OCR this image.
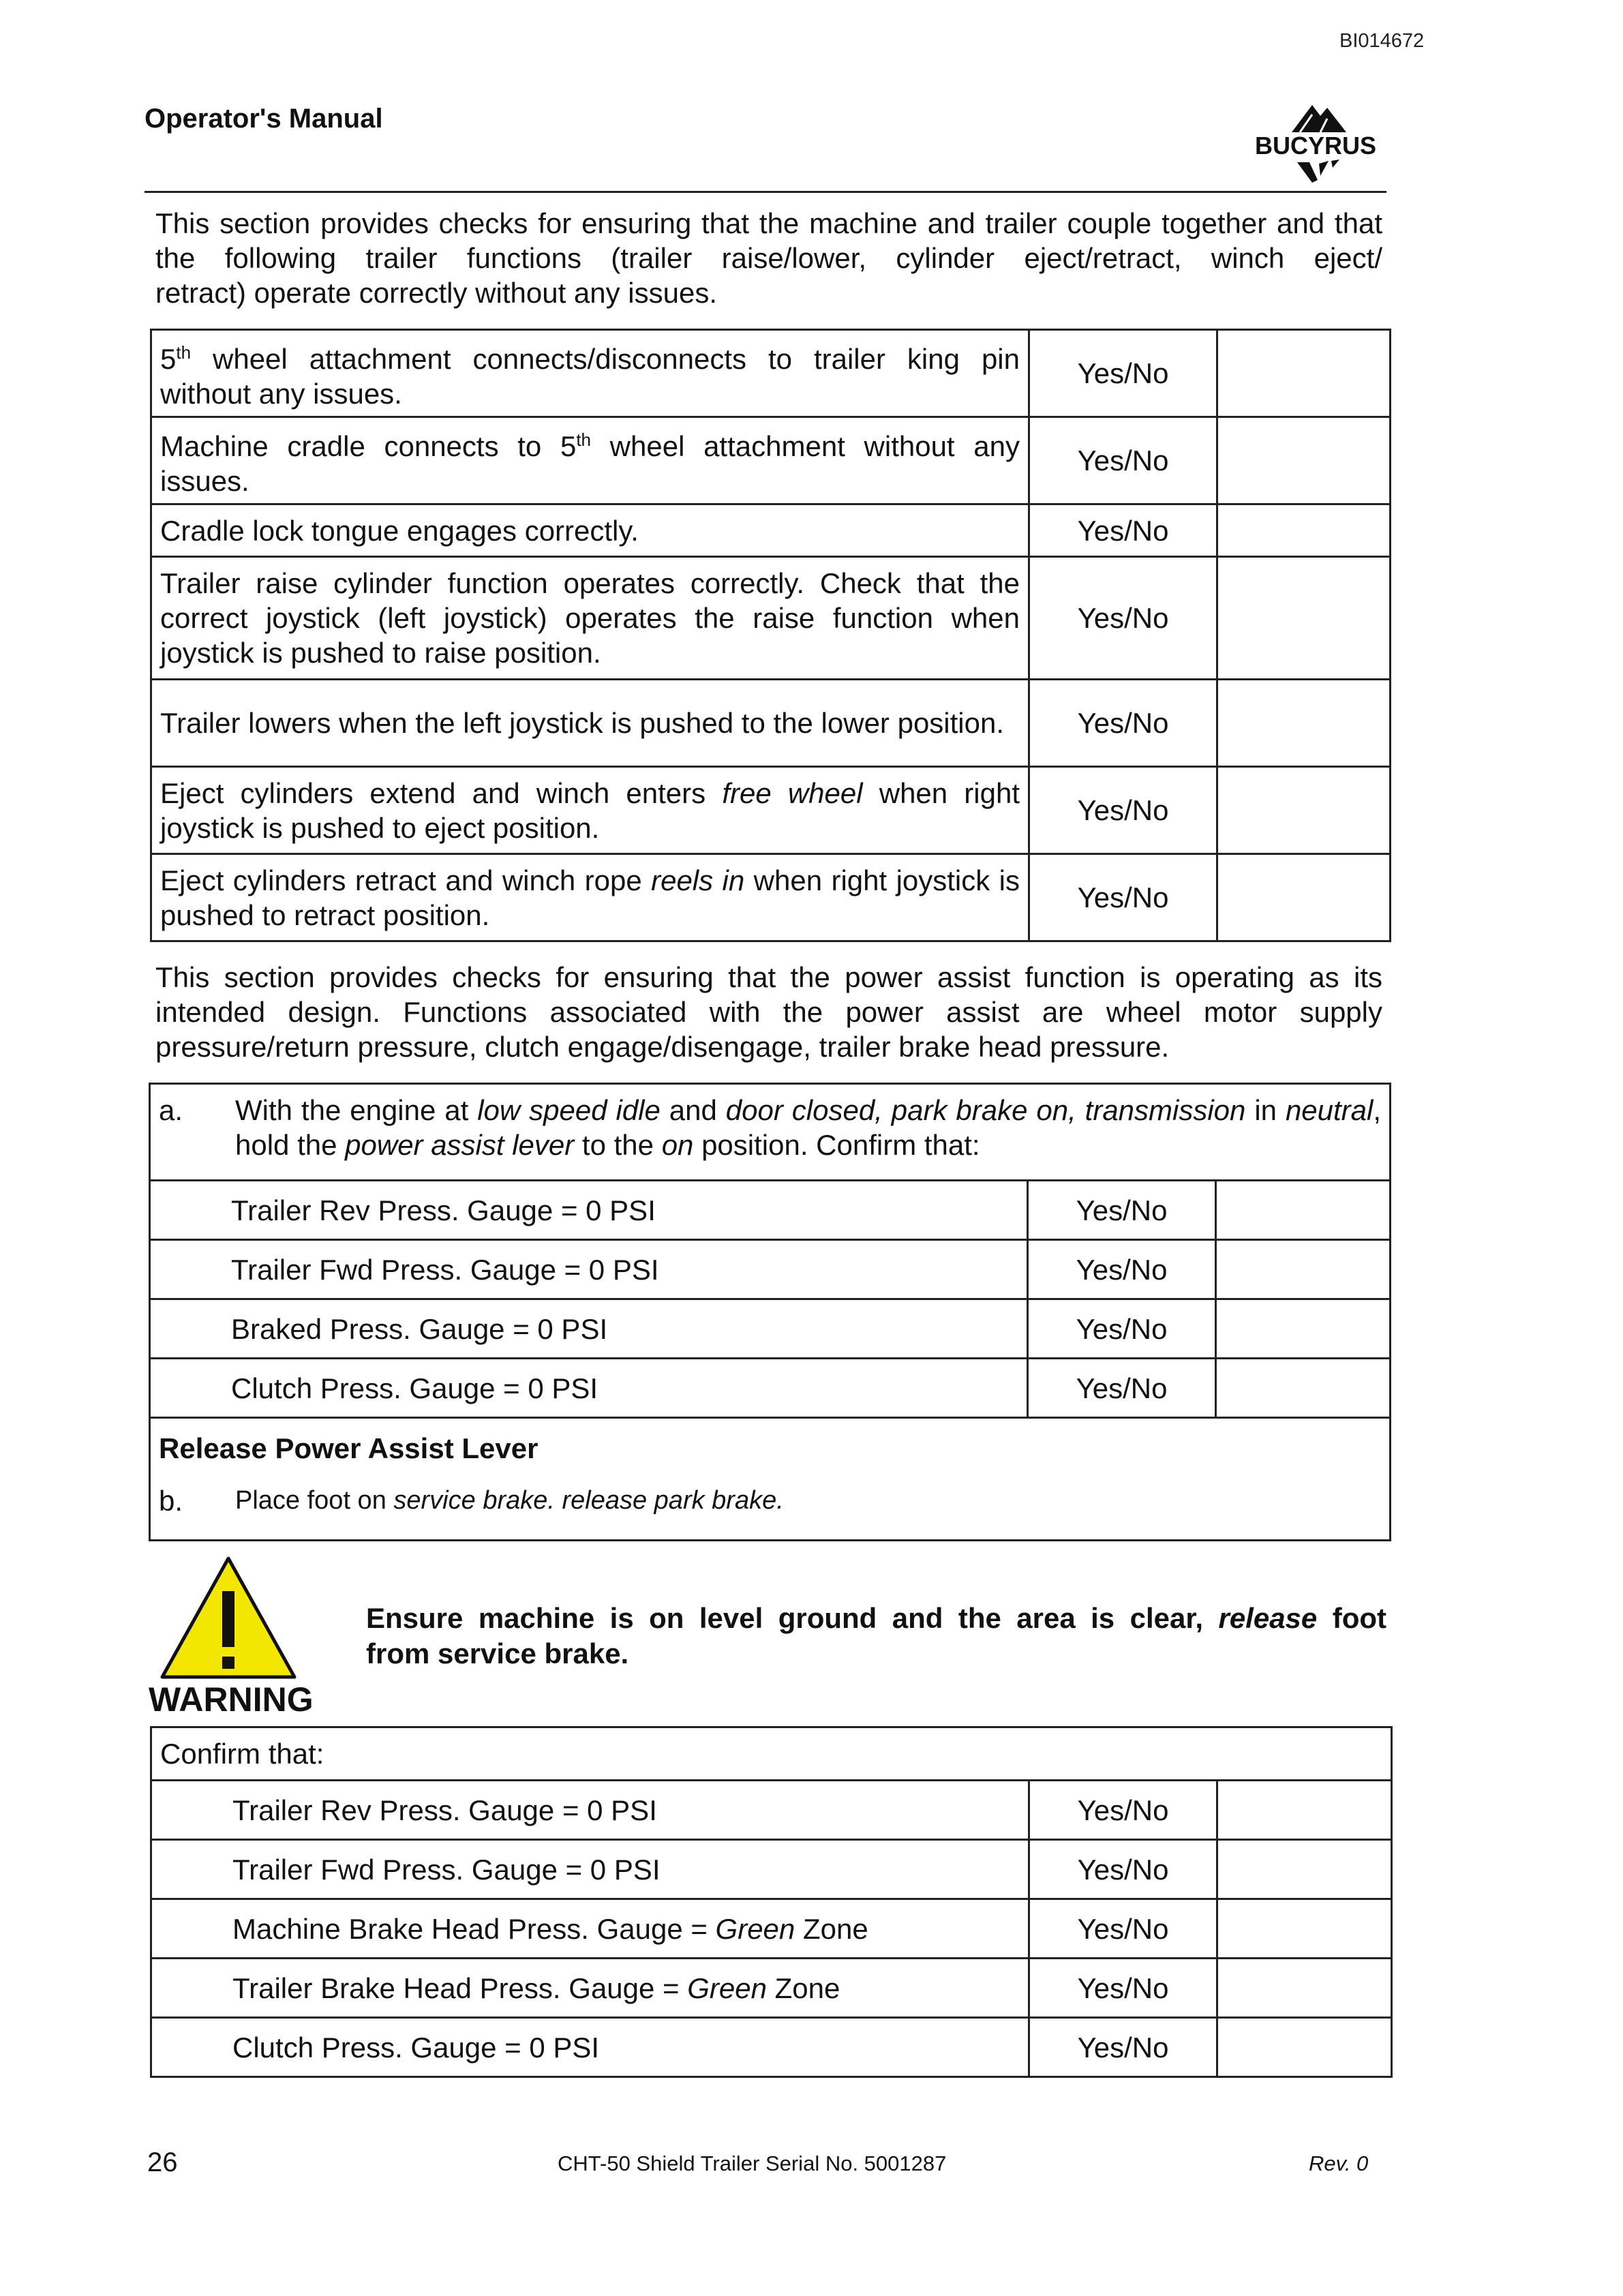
BI014672
Operator's Manual
BUCYRUS
This section provides checks for ensuring that the machine and trailer couple together and that the following trailer functions (trailer raise/lower, cylinder eject/retract, winch eject/
retract) operate correctly without any issues.
5th wheel attachment connects/disconnects to trailer king pin without any issues.	Yes/No	
Machine cradle connects to 5th wheel attachment without any issues.	Yes/No	
Cradle lock tongue engages correctly.	Yes/No	
Trailer raise cylinder function operates correctly. Check that the correct joystick (left joystick) operates the raise function when joystick is pushed to raise position.	Yes/No	
Trailer lowers when the left joystick is pushed to the lower position.	Yes/No	
Eject cylinders extend and winch enters free wheel when right joystick is pushed to eject position.	Yes/No	
Eject cylinders retract and winch rope reels in when right joystick is pushed to retract position.	Yes/No	
This section provides checks for ensuring that the power assist function is operating as its intended design. Functions associated with the power assist are wheel motor supply
pressure/return pressure, clutch engage/disengage, trailer brake head pressure.
a. With the engine at low speed idle and door closed, park brake on, transmission in neutral, hold the power assist lever to the on position. Confirm that:		

Trailer Rev Press. Gauge = 0 PSI	Yes/No	
Trailer Fwd Press. Gauge = 0 PSI	Yes/No	
Braked Press. Gauge = 0 PSI	Yes/No	
Clutch Press. Gauge = 0 PSI	Yes/No	

Release Power Assist Lever
b. Place foot on service brake. release park brake.		
WARNING
Ensure machine is on level ground and the area is clear, release foot
from service brake.
Confirm that:		
Trailer Rev Press. Gauge = 0 PSI	Yes/No	
Trailer Fwd Press. Gauge = 0 PSI	Yes/No	
Machine Brake Head Press. Gauge = Green Zone	Yes/No	
Trailer Brake Head Press. Gauge = Green Zone	Yes/No	
Clutch Press. Gauge = 0 PSI	Yes/No	
26	CHT-50 Shield Trailer Serial No. 5001287	Rev. 0
